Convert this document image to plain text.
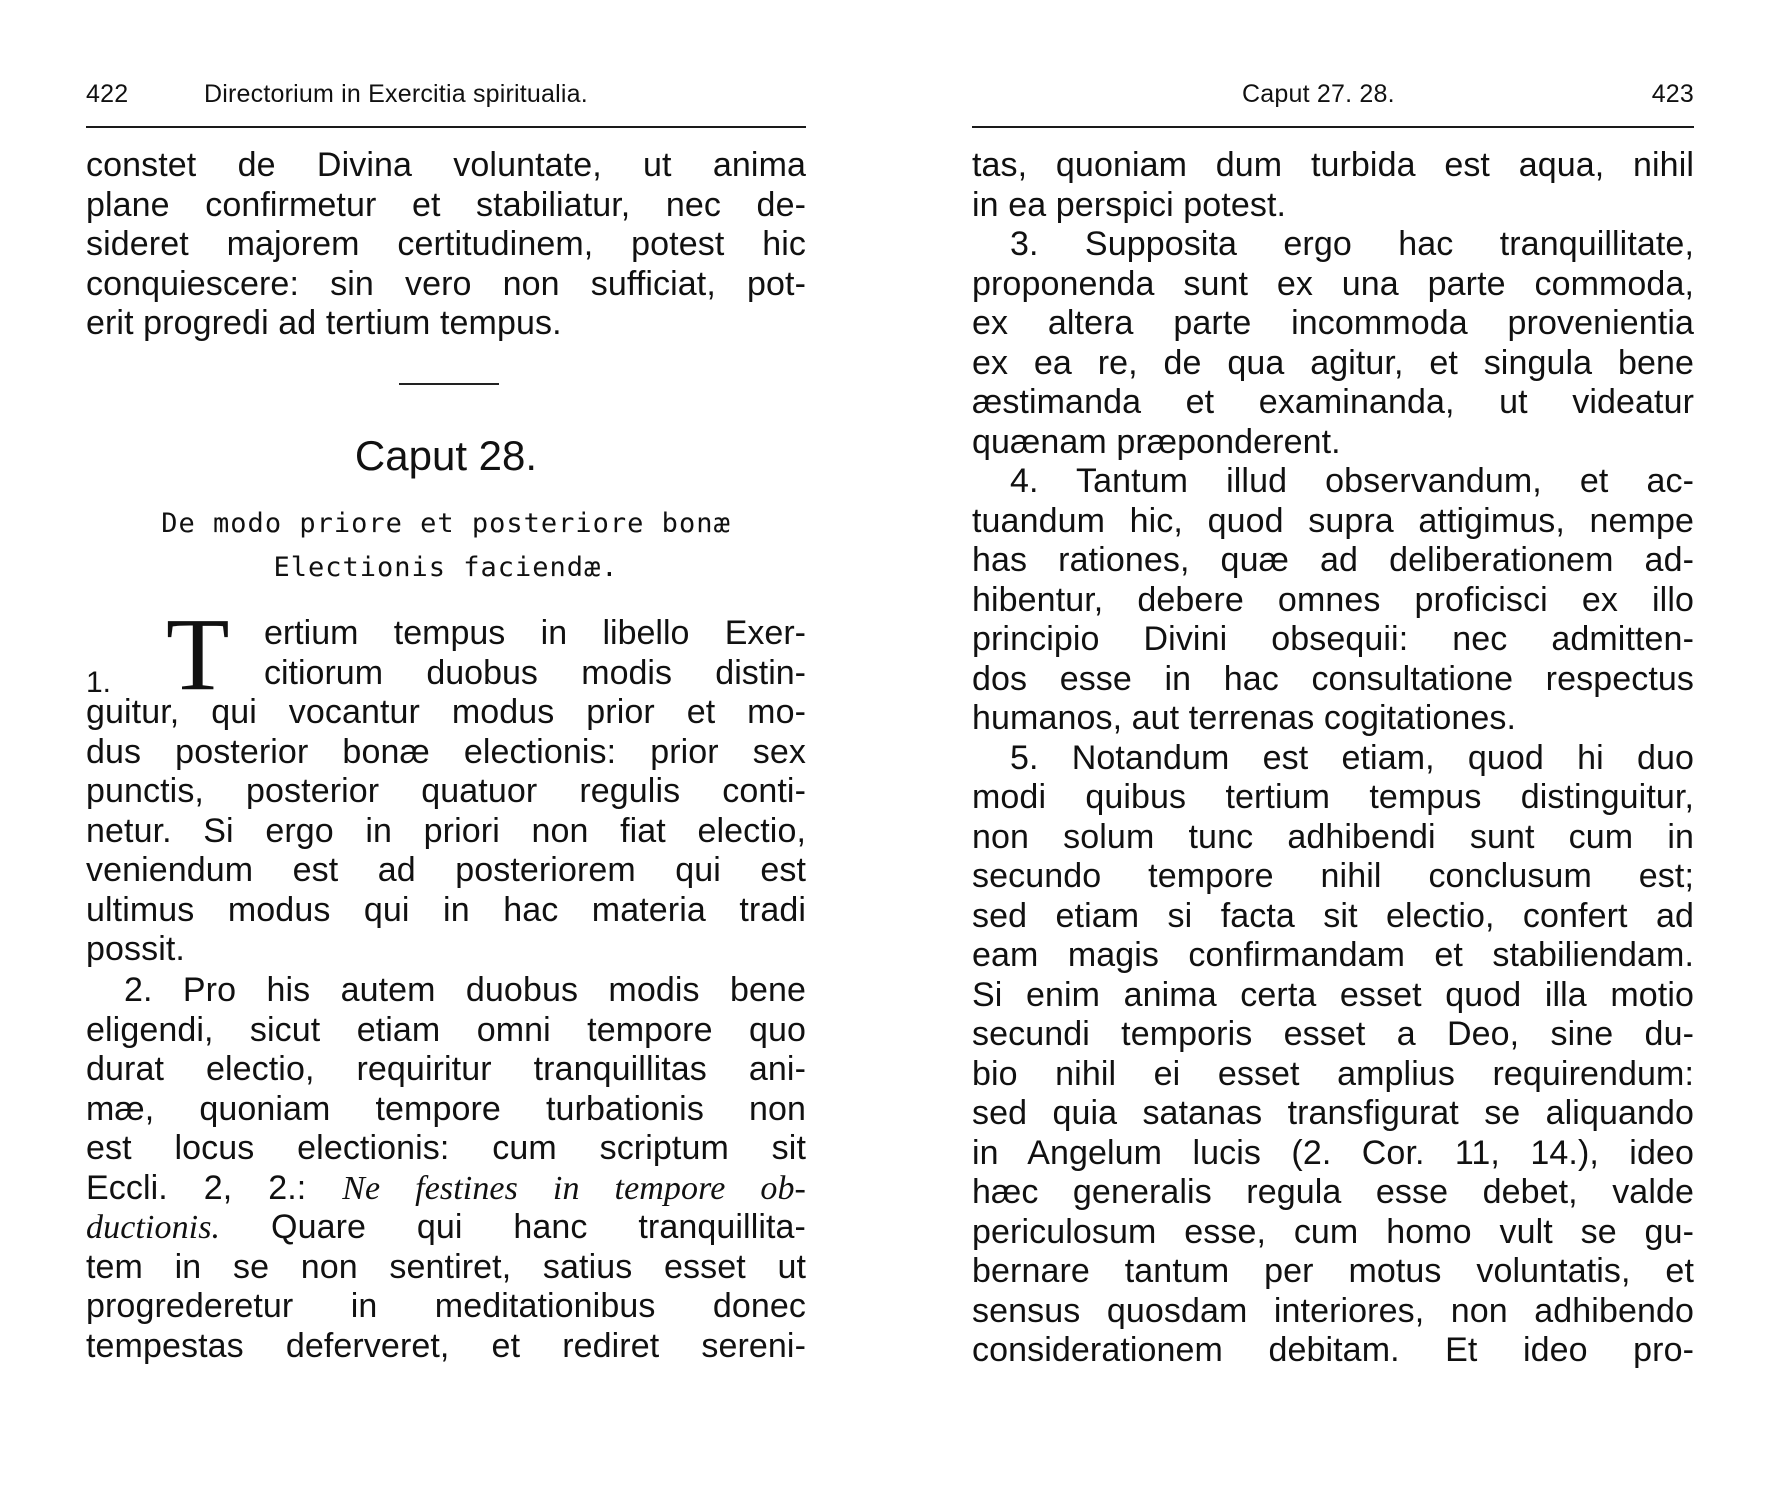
422	Directorium in Exercitia spiritualia.
constet de Divina voluntate, ut anima
plane confirmetur et stabiliatur, nec de-
sideret majorem certitudinem, potest hic
conquiescere: sin vero non sufficiat, pot-
erit progredi ad tertium tempus.
Caput 28.
De modo priore et posteriore bonæ
Electionis faciendæ.
1. T ertium tempus in libello Exer-
citiorum duobus modis distin-
guitur, qui vocantur modus prior et mo-
dus posterior bonæ electionis: prior sex
punctis, posterior quatuor regulis conti-
netur. Si ergo in priori non fiat electio,
veniendum est ad posteriorem qui est
ultimus modus qui in hac materia tradi
possit.
2. Pro his autem duobus modis bene
eligendi, sicut etiam omni tempore quo
durat electio, requiritur tranquillitas ani-
mæ, quoniam tempore turbationis non
est locus electionis: cum scriptum sit
Eccli. 2, 2.: Ne festines in tempore ob-
ductionis. Quare qui hanc tranquillita-
tem in se non sentiret, satius esset ut
progrederetur in meditationibus donec
tempestas deferveret, et rediret sereni-
Caput 27. 28.	423
tas, quoniam dum turbida est aqua, nihil
in ea perspici potest.
3. Supposita ergo hac tranquillitate,
proponenda sunt ex una parte commoda,
ex altera parte incommoda provenientia
ex ea re, de qua agitur, et singula bene
æstimanda et examinanda, ut videatur
quænam præponderent.
4. Tantum illud observandum, et ac-
tuandum hic, quod supra attigimus, nempe
has rationes, quæ ad deliberationem ad-
hibentur, debere omnes proficisci ex illo
principio Divini obsequii: nec admitten-
dos esse in hac consultatione respectus
humanos, aut terrenas cogitationes.
5. Notandum est etiam, quod hi duo
modi quibus tertium tempus distinguitur,
non solum tunc adhibendi sunt cum in
secundo tempore nihil conclusum est;
sed etiam si facta sit electio, confert ad
eam magis confirmandam et stabiliendam.
Si enim anima certa esset quod illa motio
secundi temporis esset a Deo, sine du-
bio nihil ei esset amplius requirendum:
sed quia satanas transfigurat se aliquando
in Angelum lucis (2. Cor. 11, 14.), ideo
hæc generalis regula esse debet, valde
periculosum esse, cum homo vult se gu-
bernare tantum per motus voluntatis, et
sensus quosdam interiores, non adhibendo
considerationem debitam. Et ideo pro-
